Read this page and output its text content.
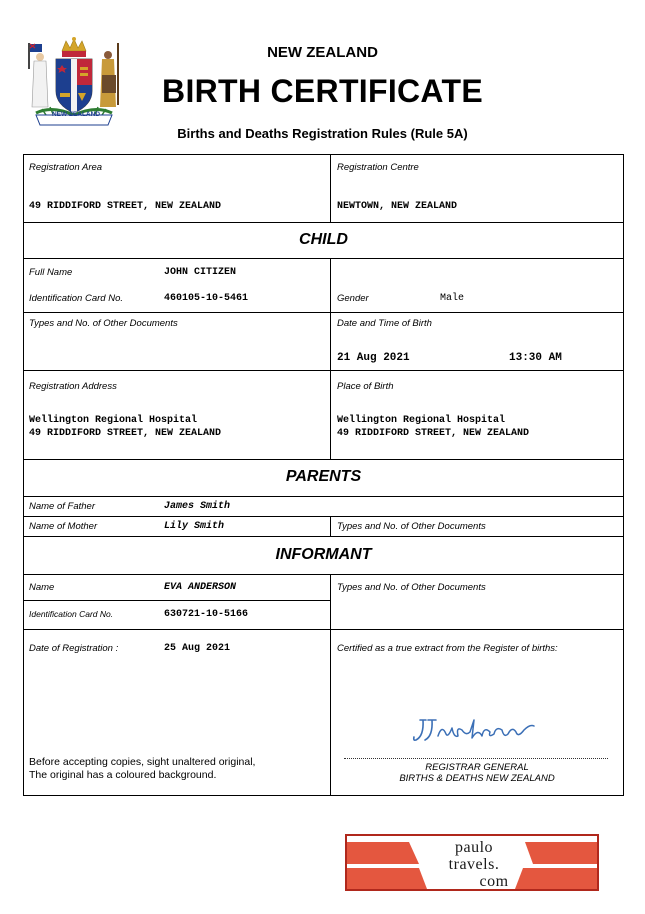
NEW ZEALAND
NEW ZEALAND
BIRTH CERTIFICATE
Births and Deaths Registration Rules (Rule 5A)
Registration Area
49 RIDDIFORD STREET, NEW ZEALAND
Registration Centre
NEWTOWN, NEW ZEALAND
CHILD
Full Name	JOHN CITIZEN
Identification Card No.	460105-10-5461	Gender	Male
Types and No. of Other Documents	Date and Time of Birth
21 Aug 2021	13:30 AM
Registration Address
Wellington Regional Hospital
49 RIDDIFORD STREET, NEW ZEALAND
Place of Birth
Wellington Regional Hospital
49 RIDDIFORD STREET, NEW ZEALAND
PARENTS
Name of Father	James Smith
Name of Mother	Lily Smith	Types and No. of Other Documents
INFORMANT
Name	EVA ANDERSON
Identification Card No.	630721-10-5166
Types and No. of Other Documents
Date of Registration :	25 Aug 2021	Certified as a true extract from the Register of births:
REGISTRAR GENERAL
BIRTHS & DEATHS NEW ZEALAND
Before accepting copies, sight unaltered original,
The original has a coloured background.
paulo
travels.
com
